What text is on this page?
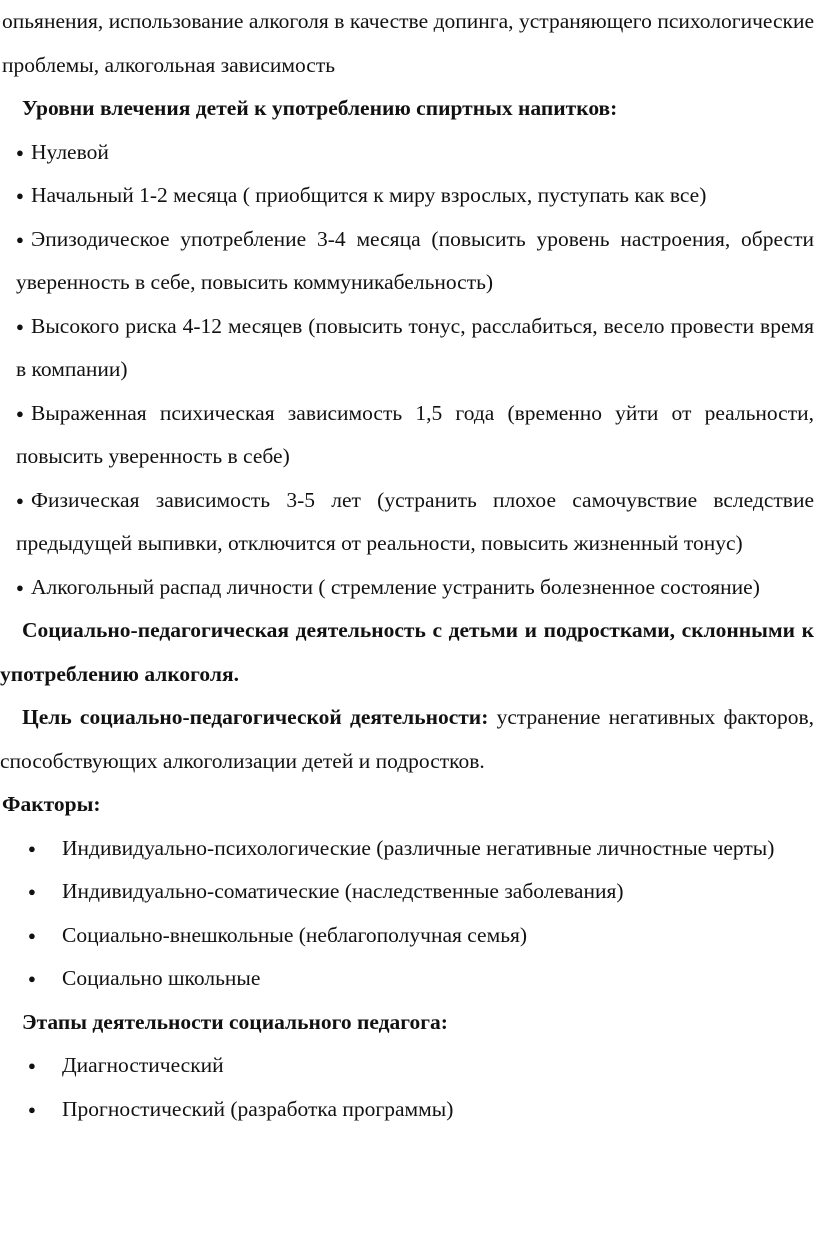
опьянения, использование алкоголя в качестве допинга, устраняющего психологические проблемы, алкогольная зависимость

Уровни влечения детей к употреблению спиртных напитков:

● Нулевой

● Начальный 1-2 месяца ( приобщится к миру взрослых, пуступать как все)

● Эпизодическое употребление 3-4 месяца (повысить уровень настроения, обрести уверенность в себе, повысить коммуникабельность)

● Высокого риска 4-12 месяцев (повысить тонус, расслабиться, весело провести время в компании)

● Выраженная психическая зависимость 1,5 года (временно уйти от реальности, повысить уверенность в себе)

● Физическая зависимость 3-5 лет (устранить плохое самочувствие вследствие предыдущей выпивки, отключится от реальности, повысить жизненный тонус)

● Алкогольный распад личности ( стремление устранить болезненное состояние)

Социально-педагогическая деятельность с детьми и подростками, склонными к употреблению алкоголя.

Цель социально-педагогической деятельности: устранение негативных факторов, способствующих алкоголизации детей и подростков.

Факторы:

● Индивидуально-психологические (различные негативные личностные черты)

● Индивидуально-соматические (наследственные заболевания)

● Социально-внешкольные (неблагополучная семья)

● Социально школьные

Этапы деятельности социального педагога:

● Диагностический

● Прогностический (разработка программы)
